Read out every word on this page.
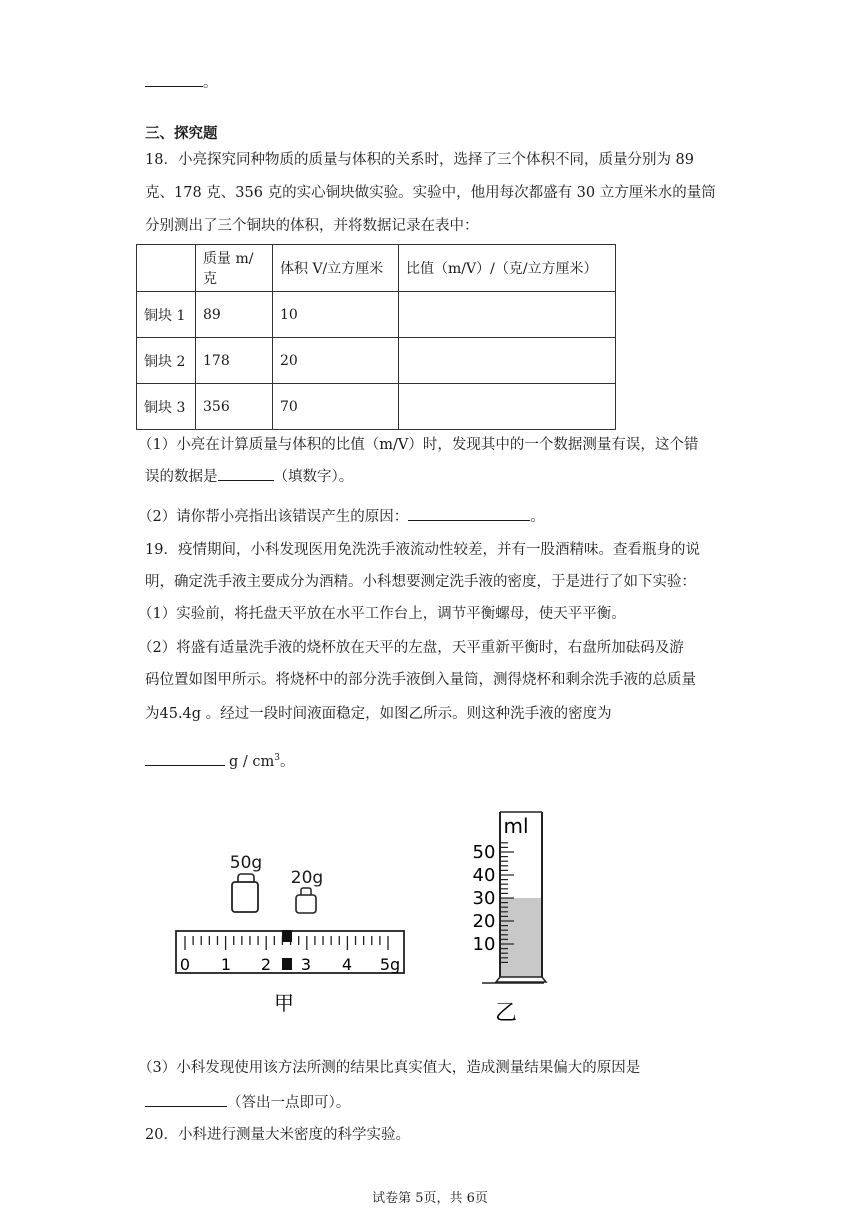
。
三、探究题
18．小亮探究同种物质的质量与体积的关系时，选择了三个体积不同，质量分别为 89
克、178 克、356 克的实心铜块做实验。实验中，他用每次都盛有 30 立方厘米水的量筒
分别测出了三个铜块的体积，并将数据记录在表中：
	质量 m/克	体积 V/立方厘米	比值（m/V）/（克/立方厘米）
铜块 1	89	10	
铜块 2	178	20	
铜块 3	356	70	
（1）小亮在计算质量与体积的比值（m/V）时，发现其中的一个数据测量有误，这个错
误的数据是	（填数字）。
（2）请你帮小亮指出该错误产生的原因：	。
19．疫情期间，小科发现医用免洗洗手液流动性较差，并有一股酒精味。查看瓶身的说
明，确定洗手液主要成分为酒精。小科想要测定洗手液的密度，于是进行了如下实验：
（1）实验前，将托盘天平放在水平工作台上，调节平衡螺母，使天平平衡。
（2）将盛有适量洗手液的烧杯放在天平的左盘，天平重新平衡时，右盘所加砝码及游
码位置如图甲所示。将烧杯中的部分洗手液倒入量筒，测得烧杯和剩余洗手液的总质量
为45.4g 。经过一段时间液面稳定，如图乙所示。则这种洗手液的密度为
g / $cm^3$。
50g
20g
0 1 2 3 4 5g
甲
ml
50
40
30
20
10
乙
（3）小科发现使用该方法所测的结果比真实值大，造成测量结果偏大的原因是
（答出一点即可）。
20．小科进行测量大米密度的科学实验。
试卷第 5页，共 6页
